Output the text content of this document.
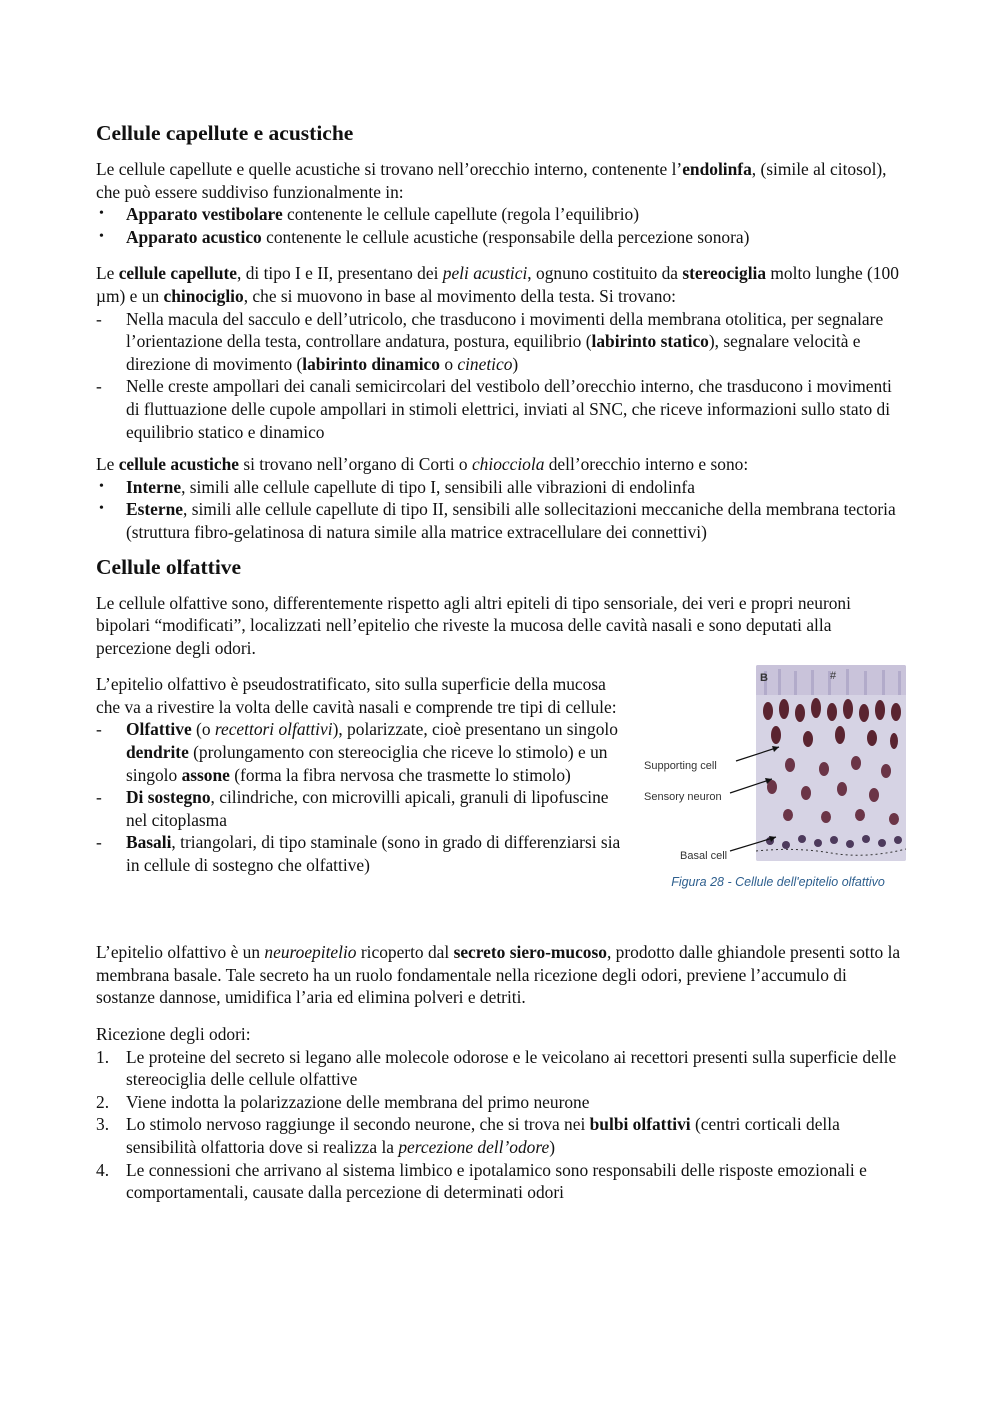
Cellule capellute e acustiche

Le cellule capellute e quelle acustiche si trovano nell’orecchio interno, contenente l’endolinfa, (simile al citosol), che può essere suddiviso funzionalmente in:

•	Apparato vestibolare contenente le cellule capellute (regola l’equilibrio)
•	Apparato acustico contenente le cellule acustiche (responsabile della percezione sonora)

Le cellule capellute, di tipo I e II, presentano dei peli acustici, ognuno costituito da stereociglia molto lunghe (100 µm) e un chinociglio, che si muovono in base al movimento della testa. Si trovano:

-	Nella macula del sacculo e dell’utricolo, che trasducono i movimenti della membrana otolitica, per segnalare l’orientazione della testa, controllare andatura, postura, equilibrio (labirinto statico), segnalare velocità e direzione di movimento (labirinto dinamico o cinetico)
-	Nelle creste ampollari dei canali semicircolari del vestibolo dell’orecchio interno, che trasducono i movimenti di fluttuazione delle cupole ampollari in stimoli elettrici, inviati al SNC, che riceve informazioni sullo stato di equilibrio statico e dinamico

Le cellule acustiche si trovano nell’organo di Corti o chiocciola dell’orecchio interno e sono:

•	Interne, simili alle cellule capellute di tipo I, sensibili alle vibrazioni di endolinfa
•	Esterne, simili alle cellule capellute di tipo II, sensibili alle sollecitazioni meccaniche della membrana tectoria (struttura fibro-gelatinosa di natura simile alla matrice extracellulare dei connettivi)
Cellule olfattive

Le cellule olfattive sono, differentemente rispetto agli altri epiteli di tipo sensoriale, dei veri e propri neuroni bipolari “modificati”, localizzati nell’epitelio che riveste la mucosa delle cavità nasali e sono deputati alla percezione degli odori.

L’epitelio olfattivo è pseudostratificato, sito sulla superficie della mucosa che va a rivestire la volta delle cavità nasali e comprende tre tipi di cellule:

-	Olfattive (o recettori olfattivi), polarizzate, cioè presentano un singolo dendrite (prolungamento con stereociglia che riceve lo stimolo) e un singolo assone (forma la fibra nervosa che trasmette lo stimolo)
-	Di sostegno, cilindriche, con microvilli apicali, granuli di lipofuscine nel citoplasma
-	Basali, triangolari, di tipo staminale (sono in grado di differenziarsi sia in cellule di sostegno che olfattive)
B	#
Supporting cell
Sensory neuron
Basal cell
Figura 28 - Cellule dell'epitelio olfattivo

L’epitelio olfattivo è un neuroepitelio ricoperto dal secreto siero-mucoso, prodotto dalle ghiandole presenti sotto la membrana basale. Tale secreto ha un ruolo fondamentale nella ricezione degli odori, previene l’accumulo di sostanze dannose, umidifica l’aria ed elimina polveri e detriti.

Ricezione degli odori:

1. Le proteine del secreto si legano alle molecole odorose e le veicolano ai recettori presenti sulla superficie delle stereociglia delle cellule olfattive
2. Viene indotta la polarizzazione delle membrana del primo neurone
3. Lo stimolo nervoso raggiunge il secondo neurone, che si trova nei bulbi olfattivi (centri corticali della sensibilità olfattoria dove si realizza la percezione dell’odore)
4. Le connessioni che arrivano al sistema limbico e ipotalamico sono responsabili delle risposte emozionali e comportamentali, causate dalla percezione di determinati odori
